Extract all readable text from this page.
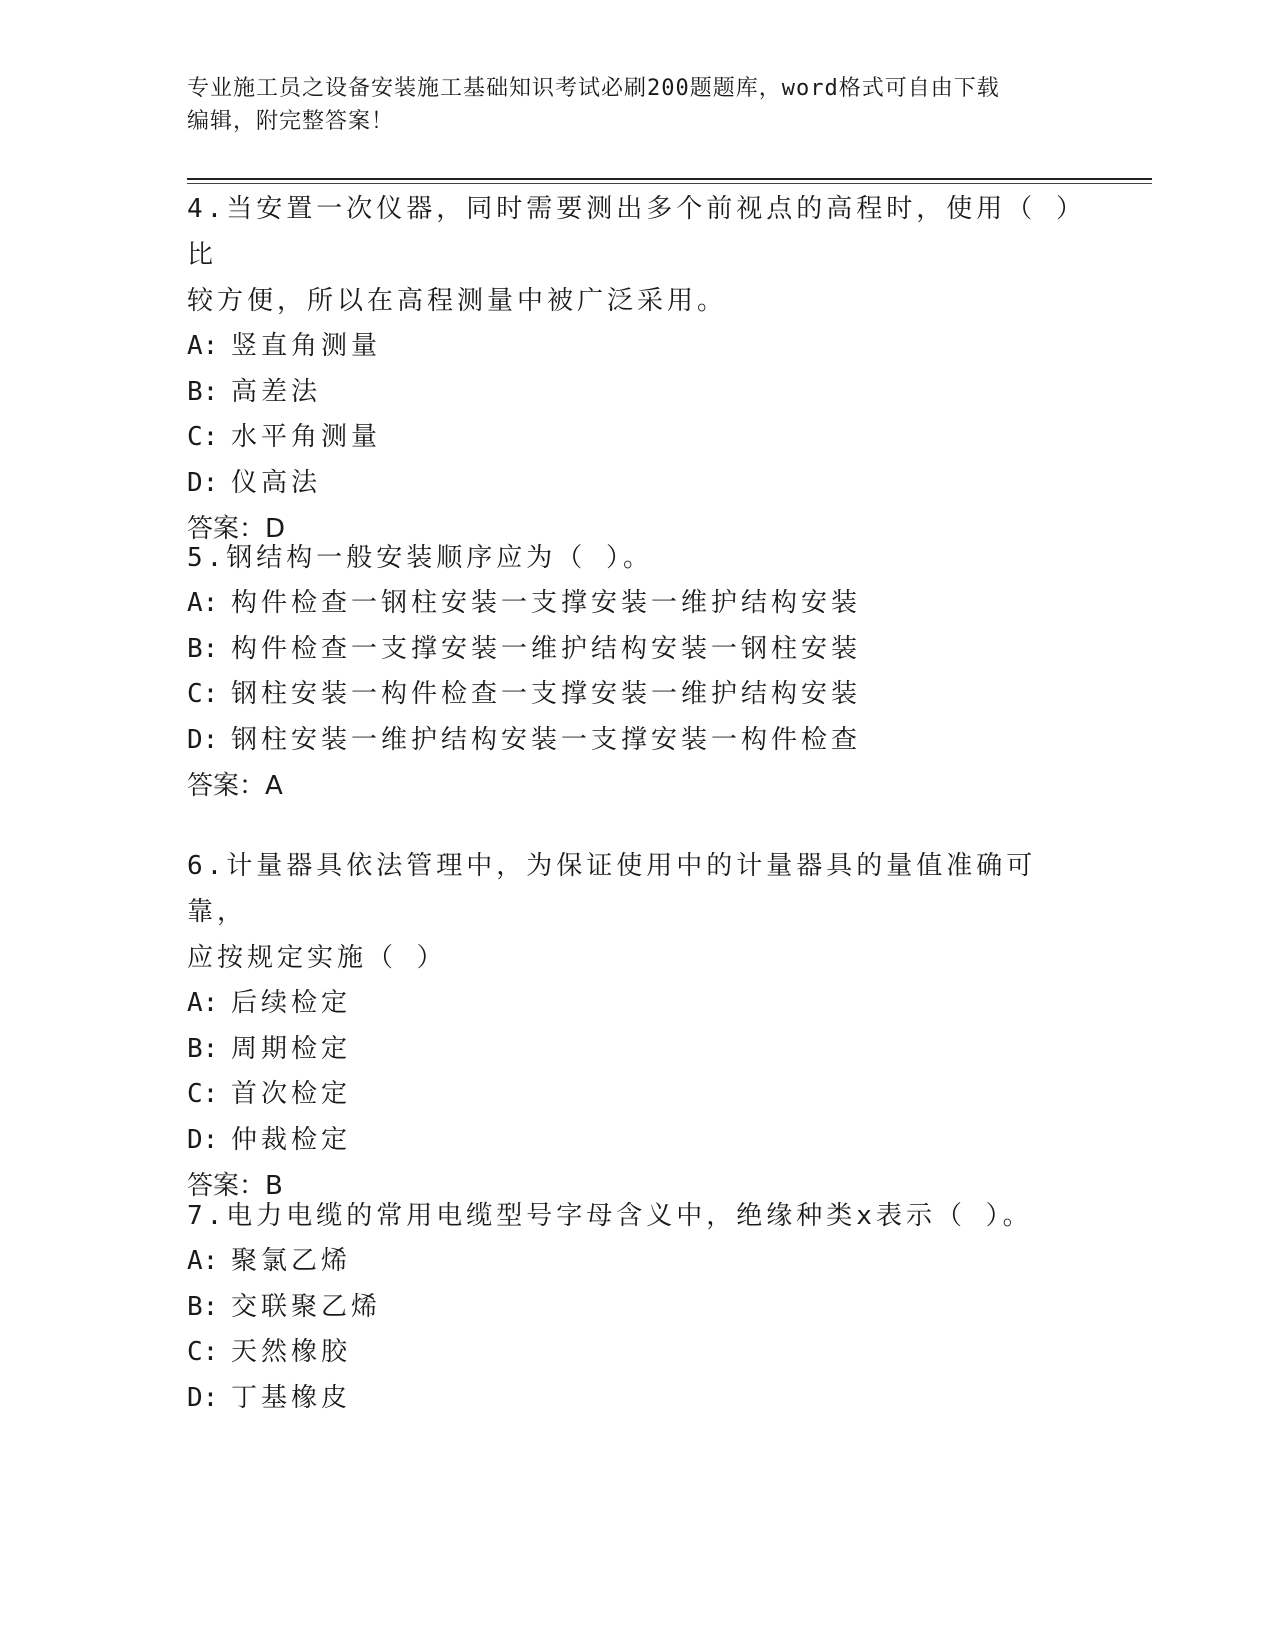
专业施工员之设备安装施工基础知识考试必刷200题题库，word格式可自由下载
编辑，附完整答案！
4.当安置一次仪器，同时需要测出多个前视点的高程时，使用（ ）比
较方便，所以在高程测量中被广泛采用。
A: 竖直角测量
B: 高差法
C: 水平角测量
D: 仪高法
答案：D
5.钢结构一般安装顺序应为（ ）。
A: 构件检查一钢柱安装一支撑安装一维护结构安装
B: 构件检查一支撑安装一维护结构安装一钢柱安装
C: 钢柱安装一构件检查一支撑安装一维护结构安装
D: 钢柱安装一维护结构安装一支撑安装一构件检查
答案：A
6.计量器具依法管理中，为保证使用中的计量器具的量值准确可靠，
应按规定实施（ ）
A: 后续检定
B: 周期检定
C: 首次检定
D: 仲裁检定
答案：B
7.电力电缆的常用电缆型号字母含义中，绝缘种类x表示（ ）。
A: 聚氯乙烯
B: 交联聚乙烯
C: 天然橡胶
D: 丁基橡皮
